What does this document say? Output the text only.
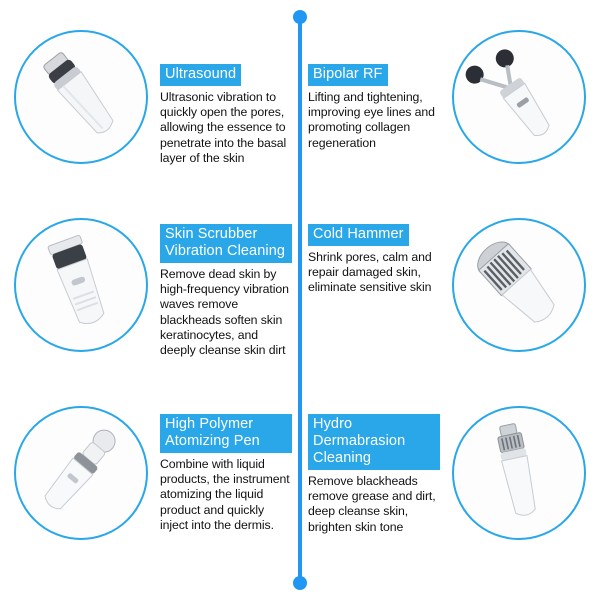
Ultrasound
Ultrasonic vibration to quickly open the pores, allowing the essence to penetrate into the basal layer of the skin
Bipolar RF
Lifting and tightening, improving eye lines and promoting collagen regeneration
Skin Scrubber Vibration Cleaning
Remove dead skin by high-frequency vibration waves remove blackheads soften skin keratinocytes, and deeply cleanse skin dirt
Cold Hammer
Shrink pores, calm and repair damaged skin, eliminate sensitive skin
High Polymer Atomizing Pen
Combine with liquid products, the instrument atomizing the liquid product and quickly inject into the dermis.
Hydro Dermabrasion Cleaning
Remove blackheads remove grease and dirt, deep cleanse skin, brighten skin tone
